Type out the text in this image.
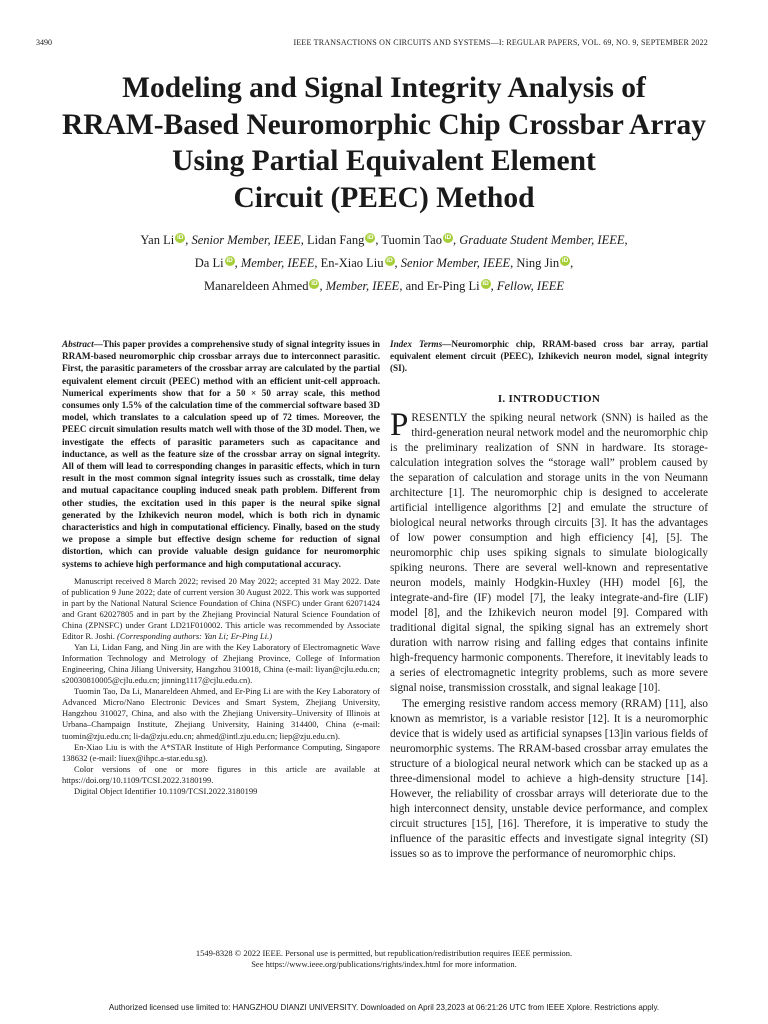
3490	IEEE TRANSACTIONS ON CIRCUITS AND SYSTEMS—I: REGULAR PAPERS, VOL. 69, NO. 9, SEPTEMBER 2022
Modeling and Signal Integrity Analysis of
RRAM-Based Neuromorphic Chip Crossbar Array
Using Partial Equivalent Element
Circuit (PEEC) Method
Yan Li iD , Senior Member, IEEE, Lidan Fang iD , Tuomin Tao iD , Graduate Student Member, IEEE,
Da Li iD , Member, IEEE, En-Xiao Liu iD , Senior Member, IEEE, Ning Jin iD ,
Manareldeen Ahmed iD , Member, IEEE, and Er-Ping Li iD , Fellow, IEEE

Abstract—This paper provides a comprehensive study of signal integrity issues in RRAM-based neuromorphic chip crossbar arrays due to interconnect parasitic. First, the parasitic parameters of the crossbar array are calculated by the partial equivalent element circuit (PEEC) method with an efficient unit-cell approach. Numerical experiments show that for a 50 × 50 array scale, this method consumes only 1.5% of the calculation time of the commercial software based 3D model, which translates to a calculation speed up of 72 times. Moreover, the PEEC circuit simulation results match well with those of the 3D model. Then, we investigate the effects of parasitic parameters such as capacitance and inductance, as well as the feature size of the crossbar array on signal integrity. All of them will lead to corresponding changes in parasitic effects, which in turn result in the most common signal integrity issues such as crosstalk, time delay and mutual capacitance coupling induced sneak path problem. Different from other studies, the excitation used in this paper is the neural spike signal generated by the Izhikevich neuron model, which is both rich in dynamic characteristics and high in computational efficiency. Finally, based on the study we propose a simple but effective design scheme for reduction of signal distortion, which can provide valuable design guidance for neuromorphic systems to achieve high performance and high computational accuracy.

Manuscript received 8 March 2022; revised 20 May 2022; accepted 31 May 2022. Date of publication 9 June 2022; date of current version 30 August 2022. This work was supported in part by the National Natural Science Foundation of China (NSFC) under Grant 62071424 and Grant 62027805 and in part by the Zhejiang Provincial Natural Science Foundation of China (ZPNSFC) under Grant LD21F010002. This article was recommended by Associate Editor R. Joshi. (Corresponding authors: Yan Li; Er-Ping Li.)

Yan Li, Lidan Fang, and Ning Jin are with the Key Laboratory of Electromagnetic Wave Information Technology and Metrology of Zhejiang Province, College of Information Engineering, China Jiliang University, Hangzhou 310018, China (e-mail: liyan@cjlu.edu.cn; s20030810005@cjlu.edu.cn; jinning1117@cjlu.edu.cn).

Tuomin Tao, Da Li, Manareldeen Ahmed, and Er-Ping Li are with the Key Laboratory of Advanced Micro/Nano Electronic Devices and Smart System, Zhejiang University, Hangzhou 310027, China, and also with the Zhejiang University–University of Illinois at Urbana–Champaign Institute, Zhejiang University, Haining 314400, China (e-mail: tuomin@zju.edu.cn; li-da@zju.edu.cn; ahmed@intl.zju.edu.cn; liep@zju.edu.cn).

En-Xiao Liu is with the A*STAR Institute of High Performance Computing, Singapore 138632 (e-mail: liuex@ihpc.a-star.edu.sg).

Color versions of one or more figures in this article are available at https://doi.org/10.1109/TCSI.2022.3180199.

Digital Object Identifier 10.1109/TCSI.2022.3180199

Index Terms—Neuromorphic chip, RRAM-based cross bar array, partial equivalent element circuit (PEEC), Izhikevich neuron model, signal integrity (SI).

I. INTRODUCTION

PRESENTLY the spiking neural network (SNN) is hailed as the third-generation neural network model and the neuromorphic chip is the preliminary realization of SNN in hardware. Its storage-calculation integration solves the “storage wall” problem caused by the separation of calculation and storage units in the von Neumann architecture [1]. The neuromorphic chip is designed to accelerate artificial intelligence algorithms [2] and emulate the structure of biological neural networks through circuits [3]. It has the advantages of low power consumption and high efficiency [4], [5]. The neuromorphic chip uses spiking signals to simulate biologically spiking neurons. There are several well-known and representative neuron models, mainly Hodgkin-Huxley (HH) model [6], the integrate-and-fire (IF) model [7], the leaky integrate-and-fire (LIF) model [8], and the Izhikevich neuron model [9]. Compared with traditional digital signal, the spiking signal has an extremely short duration with narrow rising and falling edges that contains infinite high-frequency harmonic components. Therefore, it inevitably leads to a series of electromagnetic integrity problems, such as more severe signal noise, transmission crosstalk, and signal leakage [10].

The emerging resistive random access memory (RRAM) [11], also known as memristor, is a variable resistor [12]. It is a neuromorphic device that is widely used as artificial synapses [13]in various fields of neuromorphic systems. The RRAM-based crossbar array emulates the structure of a biological neural network which can be stacked up as a three-dimensional model to achieve a high-density structure [14]. However, the reliability of crossbar arrays will deteriorate due to the high interconnect density, unstable device performance, and complex circuit structures [15], [16]. Therefore, it is imperative to study the influence of the parasitic effects and investigate signal integrity (SI) issues so as to improve the performance of neuromorphic chips.

1549-8328 © 2022 IEEE. Personal use is permitted, but republication/redistribution requires IEEE permission.
See https://www.ieee.org/publications/rights/index.html for more information.
Authorized licensed use limited to: HANGZHOU DIANZI UNIVERSITY. Downloaded on April 23,2023 at 06:21:26 UTC from IEEE Xplore. Restrictions apply.
